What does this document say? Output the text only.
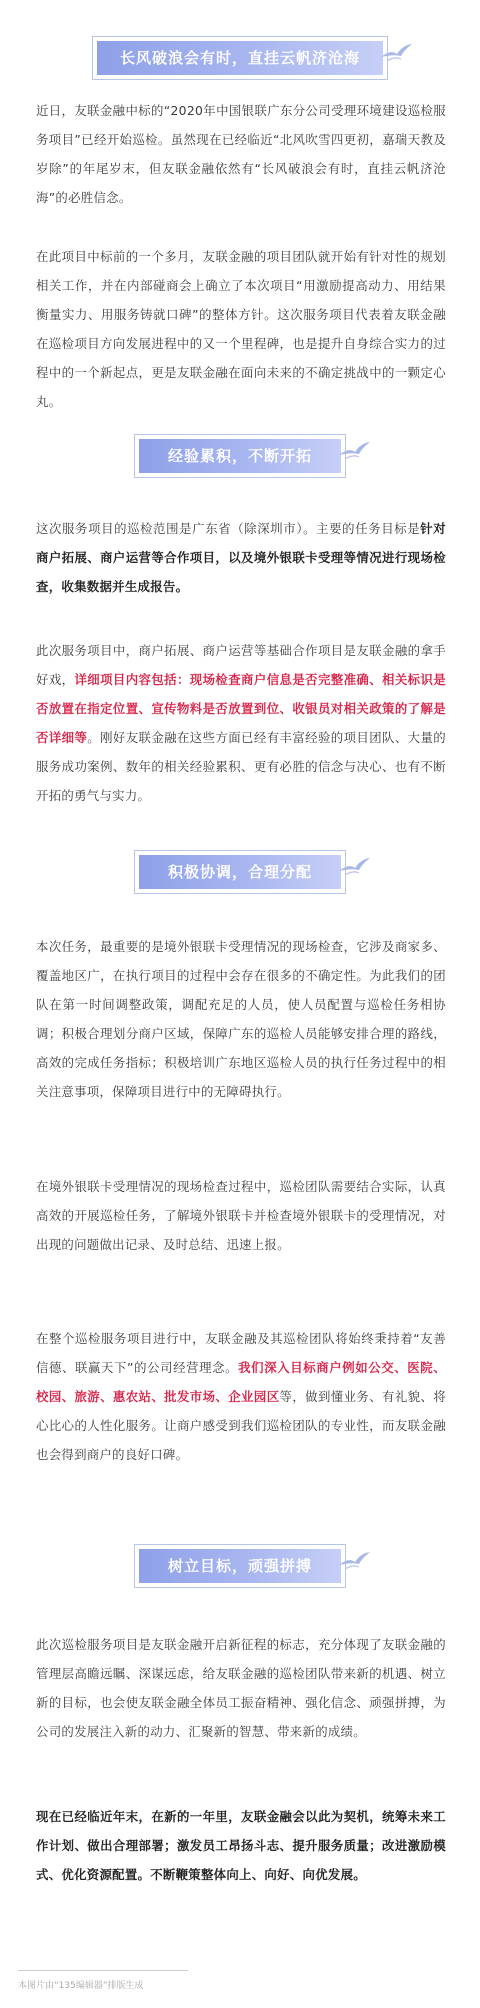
长风破浪会有时，直挂云帆济沧海
近日，友联金融中标的“2020年中国银联广东分公司受理环境建设巡检服务项目”已经开始巡检。虽然现在已经临近“北风吹雪四更初，嘉瑞天教及岁除”的年尾岁末，但友联金融依然有“长风破浪会有时，直挂云帆济沧海”的必胜信念。
在此项目中标前的一个多月，友联金融的项目团队就开始有针对性的规划相关工作，并在内部碰商会上确立了本次项目“用激励提高动力、用结果衡量实力、用服务铸就口碑”的整体方针。这次服务项目代表着友联金融在巡检项目方向发展进程中的又一个里程碑，也是提升自身综合实力的过程中的一个新起点，更是友联金融在面向未来的不确定挑战中的一颗定心丸。
经验累积，不断开拓
这次服务项目的巡检范围是广东省（除深圳市）。主要的任务目标是针对商户拓展、商户运营等合作项目，以及境外银联卡受理等情况进行现场检查，收集数据并生成报告。
此次服务项目中，商户拓展、商户运营等基础合作项目是友联金融的拿手好戏，详细项目内容包括：现场检查商户信息是否完整准确、相关标识是否放置在指定位置、宣传物料是否放置到位、收银员对相关政策的了解是否详细等。刚好友联金融在这些方面已经有丰富经验的项目团队、大量的服务成功案例、数年的相关经验累积、更有必胜的信念与决心、也有不断开拓的勇气与实力。
积极协调，合理分配
本次任务，最重要的是境外银联卡受理情况的现场检查，它涉及商家多、覆盖地区广，在执行项目的过程中会存在很多的不确定性。为此我们的团队在第一时间调整政策，调配充足的人员，使人员配置与巡检任务相协调；积极合理划分商户区域，保障广东的巡检人员能够安排合理的路线，高效的完成任务指标；积极培训广东地区巡检人员的执行任务过程中的相关注意事项，保障项目进行中的无障碍执行。
在境外银联卡受理情况的现场检查过程中，巡检团队需要结合实际，认真高效的开展巡检任务，了解境外银联卡并检查境外银联卡的受理情况，对出现的问题做出记录、及时总结、迅速上报。
在整个巡检服务项目进行中，友联金融及其巡检团队将始终秉持着“友善信德、联赢天下”的公司经营理念。我们深入目标商户例如公交、医院、校园、旅游、惠农站、批发市场、企业园区等，做到懂业务、有礼貌、将心比心的人性化服务。让商户感受到我们巡检团队的专业性，而友联金融也会得到商户的良好口碑。
树立目标，顽强拼搏
此次巡检服务项目是友联金融开启新征程的标志，充分体现了友联金融的管理层高瞻远瞩、深谋远虑，给友联金融的巡检团队带来新的机遇、树立新的目标，也会使友联金融全体员工振奋精神、强化信念、顽强拼搏，为公司的发展注入新的动力、汇聚新的智慧、带来新的成绩。
现在已经临近年末，在新的一年里，友联金融会以此为契机，统筹未来工作计划、做出合理部署；激发员工昂扬斗志、提升服务质量；改进激励模式、优化资源配置。不断鞭策整体向上、向好、向优发展。
本图片由“135编辑器”排版生成
